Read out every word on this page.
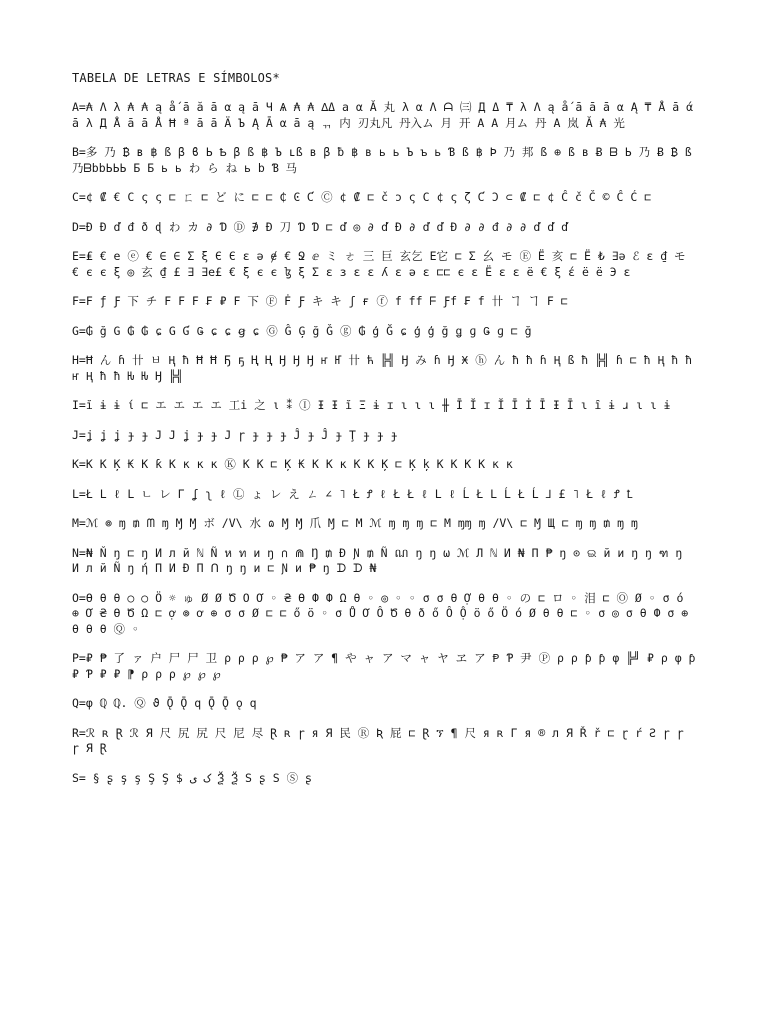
TABELA DE LETRAS E SÍMBOLOS*
A=₳ Λ λ ₳ ₳ ą ǻ ā ă ā α ą ā Ч Ѧ ₳ ₳ ∆Δ а α Ă 丸 λ α Λ ᗩ ㈢ Д Δ ₸ λ Λ ą ǻ ā ā ā α Ą ₸ Å ā ά ā λ Д Å ā ā Å Ħ ª ā ā Ä Ъ Ą Ā α ā ą ᆩ 内 刃丸凡 丹入ム 月 开 A A 月ム 丹 A 岚 Ă ₳ 光
B=多 乃 ₿ ʙ ฿ ß β ϐ Ь Ҍ β ß ฿ Ъ ʟß в β ƀ ฿ в ь ь Ъ ъ ь Ɓ ß ฿ Þ 乃 邦 ß ⊕ ß в Ƀ ᗷ Ь 乃 Ƀ ₿ ß乃ᗷbbЬЬЬ Б Б ь ь わ ら ね ь b Ɓ 马
C=¢ ₡ € C ς ς ⊏ ㄈ ⊏ ど に ⊏ ⊏ ₵ Ͼ Ƈ Ⓒ ¢ ₡ ⊏ č ɔ ς C ¢ ς ζ Ƈ Ɔ ⊂ ₡ ⊏ ¢ Ĉ č Č © Ĉ Ć ⊏
D=Ð Ð ď đ ð ɖ わ カ ∂ Ɗ Ⓓ ∌ Ð 刀 Ɗ Ɗ ⊏ ď ◎ ∂ ď Ð ∂ ď ď Ð ∂ ∂ đ ∂ ∂ ď ď ď
E=₤ € e ⓔ € ∈ ∈ Σ ξ Є Є ɛ ə ɇ € Ջ ⅇ ミ ㄜ 三 巨 玄乞 E它 ⊏ Σ 幺 モ Ⓔ Ё 亥 ⊏ Ё ₺ ∃ə ℰ ɛ ₫ モ € є є ξ ◎ 玄 ₫ £ ∃ ∃e£ € ξ є є ɮ ξ Σ ɛ ɜ ɛ ɛ ʎ ɛ ə ɛ ⊏⊏ є ɛ Ë ɛ ɛ ë € ξ έ ë ë Э ɛ
F=F ƒ Ƒ 下 チ F F F ₣ ₽ F 下 Ⓕ Ḟ Ƒ キ キ ʃ ғ ⓕ f ff ᖴ Ƒf ₣ f 卄 ヿ ヿ F ⊏
G=₲ ğ G ₲ ₲ ɕ G Ɠ Ǥ ɕ ɕ ꞡ ɕ Ⓖ Ĝ Ģ ğ Ǧ ⓖ ₲ ģ Ğ ɕ ģ ģ ğ ǥ ɡ Ǥ ɡ ⊏ ğ
H=Ħ ん ɦ 卄 ㅂ Ⱨ ħ Ħ Ħ Ҕ ҕ Ң Ң Ӈ Ӈ Ӈ ҥ Ҥ 卄 ћ ╠╣ Ӈ み ɦ Ӈ Ӿ ⓗ ん ħ ħ ɦ Ⱨ ß ħ ╠╣ ɦ ⊏ ħ Ⱨ ħ ħ ҥ Ⱨ ħ ħ Ƕ Ƕ Ӈ ╠╣
I=ĭ ɨ ɨ ί ⊏ エ エ エ エ 工i 之 ι ⁑ Ⓘ Ɨ Ɨ ĭ Ξ ɨ ɪ ɩ ɩ ɩ ╫ Ī Ĭ ɪ Ĭ Ī İ Ī Ɨ Ī ɩ ȋ ɨ ɹ ɩ ɩ ɨ
J=ʝ ʝ ʝ ɟ ɟ J J ʝ ɟ ɟ J ɼ ɟ ɟ ɟ Ĵ ɟ Ĵ ɟ Ţ ɟ ɟ ɟ
K=K K Ķ ₭ K ƙ K ĸ ĸ ĸ Ⓚ K K ⊏ Ķ ₭ K K ĸ K K Ķ ⊏ Ķ ķ K K K K ĸ ĸ
L=Ł L ℓ L ㄴ レ Γ ʆ ʅ ℓ Ⓛ ょ レ え ㄥ ∠ ˥ Ł Ꝭ ℓ Ł Ł ℓ L ℓ Ĺ Ł L Ĺ Ł Ĺ ⅃ £ ˥ Ł ℓ Ꝭ Ꝉ
M=ℳ ⊚ ɱ ₥ ᗰ ɱ Ɱ Ɱ ボ /V\ 水 ɷ Ɱ Ɱ 爪 Ɱ ⊏ M ℳ ɱ ɱ ɱ ⊏ M ɱɱ ɱ /V\ ⊏ Ɱ Щ ⊏ ɱ ɱ ₥ ɱ ɱ
N=₦ Ň ŋ ⊏ ŋ И л й ℕ Ñ ห ท и ŋ ∩ ⋒ Ŋ ₥ Ð Ɲ ₥ Ñ ណ ŋ ŋ ω ℳ Л ℕ И ₦ П ₱ ŋ ⊙ ଇ й и ŋ ŋ ฑ ŋ И л й Ñ ŋ ή П И Ð П ᑎ ŋ ŋ и ⊏ Ɲ и ₱ ŋ ᗪ ᗪ ₦
O=Ө θ θ ○ ○ Ö ☼ ゅ Ø Ø Ծ Օ Ơ ◦ ₴ Ө Ф Ф Ω θ ◦ ◎ ◦ ◦ σ σ θ Ợ θ θ ◦ の ⊏ ロ ◦ 泪 ⊏ Ⓞ Ø ◦ σ ό ⊕ Ơ ₴ Ө Ծ Ω ⊏ ợ ⊚ ơ ⊕ σ σ Ø ⊏ ⊏ ő ö ◦ σ Ů Ơ Ô Ծ θ ð ő Ô Ộ ö ő Ö ó Ø θ θ ⊏ ◦ σ ◎ σ θ Ф σ ⊕ θ θ θ Ⓠ ◦
P=₽ ₱ 了 ァ 户 尸 尸 卫 ρ ρ ρ ℘ ₱ ア ア ¶ や ャ ア マ ャ ヤ ヱ ア Ᵽ Ƥ 尹 Ⓟ ρ ρ ƥ ƥ φ ╠╝ ₽ ρ φ ƥ ₽ Ƥ ₽ ₽ ⁋ ρ ρ ρ ℘ ℘ ℘
Q=φ ℚ ℚ. Ⓠ ϑ Ǭ Ǭ q Ǭ Ǭ ǫ q
R=ℛ ʀ Ɽ ℛ Я 尺 尻 尻 尺 尼 尽 Ɽ ʀ ɼ я Я 民 Ⓡ Ʀ 屁 ⊏ Ɽ ኘ ¶ 尺 я ʀ Γ я ® л Я Ř ř ⊏ ɽ ŕ Ƨ ɼ ɼ ɼ Я Ɽ
S= § ʂ ş ş Ş Ş $ ک ی Ѯ Ѯ S ʂ S Ⓢ ʂ
